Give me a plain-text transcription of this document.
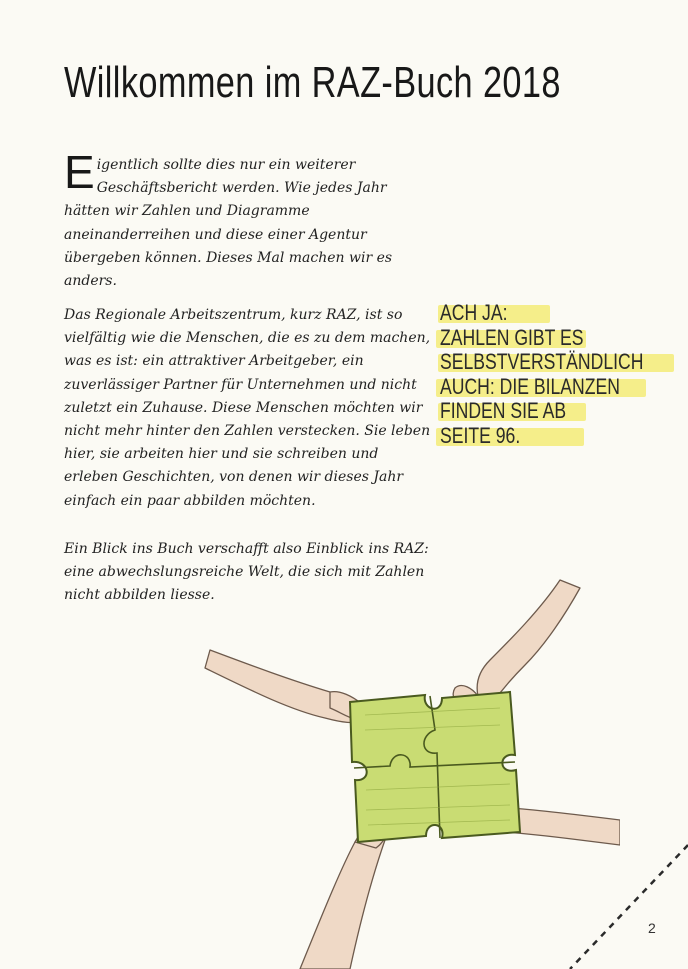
Willkommen im RAZ-Buch 2018
Eigentlich sollte dies nur ein weiterer Geschäftsbericht werden. Wie jedes Jahr hätten wir Zahlen und Diagramme aneinanderreihen und diese einer Agentur übergeben können. Dieses Mal machen wir es anders.
Das Regionale Arbeitszentrum, kurz RAZ, ist so vielfältig wie die Menschen, die es zu dem machen, was es ist: ein attraktiver Arbeitgeber, ein zuverlässiger Partner für Unternehmen und nicht zuletzt ein Zuhause. Diese Menschen möchten wir nicht mehr hinter den Zahlen verstecken. Sie leben hier, sie arbeiten hier und sie schreiben und erleben Geschichten, von denen wir dieses Jahr einfach ein paar abbilden möchten.
Ein Blick ins Buch verschafft also Einblick ins RAZ: eine abwechslungsreiche Welt, die sich mit Zahlen nicht abbilden liesse.
ACH JA:
ZAHLEN GIBT ES
SELBSTVERSTÄNDLICH
AUCH: DIE BILANZEN
FINDEN SIE AB
SEITE 96.
2
